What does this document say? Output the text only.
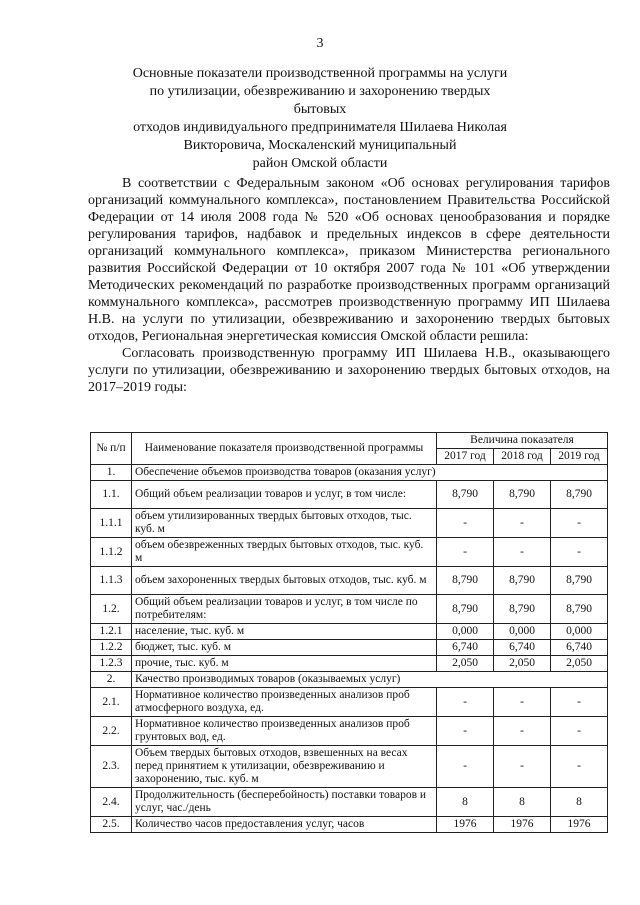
3
Основные показатели производственной программы на услуги
по утилизации, обезвреживанию и захоронению твердых бытовых
отходов индивидуального предпринимателя Шилаева Николая
Викторовича, Москаленский муниципальный
район Омской области

В соответствии с Федеральным законом «Об основах регулирования тарифов организаций коммунального комплекса», постановлением Правительства Российской Федерации от 14 июля 2008 года № 520 «Об основах ценообразования и порядке регулирования тарифов, надбавок и предельных индексов в сфере деятельности организаций коммунального комплекса», приказом Министерства регионального развития Российской Федерации от 10 октября 2007 года № 101 «Об утверждении Методических рекомендаций по разработке производственных программ организаций коммунального комплекса», рассмотрев производственную программу ИП Шилаева Н.В. на услуги по утилизации, обезвреживанию и захоронению твердых бытовых отходов, Региональная энергетическая комиссия Омской области решила:

Согласовать производственную программу ИП Шилаева Н.В., оказывающего услуги по утилизации, обезвреживанию и захоронению твердых бытовых отходов, на 2017–2019 годы:

№ п/п	Наименование показателя производственной программы	Величина показателя		
		2017 год	2018 год	2019 год
1.	Обеспечение объемов производства товаров (оказания услуг)			
1.1.	Общий объем реализации товаров и услуг, в том числе:	8,790	8,790	8,790
1.1.1	объем утилизированных твердых бытовых отходов, тыс. куб. м	-	-	-
1.1.2	объем обезвреженных твердых бытовых отходов, тыс. куб. м	-	-	-
1.1.3	объем захороненных твердых бытовых отходов, тыс. куб. м	8,790	8,790	8,790
1.2.	Общий объем реализации товаров и услуг, в том числе по потребителям:	8,790	8,790	8,790
1.2.1	население, тыс. куб. м	0,000	0,000	0,000
1.2.2	бюджет, тыс. куб. м	6,740	6,740	6,740
1.2.3	прочие, тыс. куб. м	2,050	2,050	2,050
2.	Качество производимых товаров (оказываемых услуг)			
2.1.	Нормативное количество произведенных анализов проб атмосферного воздуха, ед.	-	-	-
2.2.	Нормативное количество произведенных анализов проб грунтовых вод, ед.	-	-	-
2.3.	Объем твердых бытовых отходов, взвешенных на весах перед принятием к утилизации, обезвреживанию и захоронению, тыс. куб. м	-	-	-
2.4.	Продолжительность (бесперебойность) поставки товаров и услуг, час./день	8	8	8
2.5.	Количество часов предоставления услуг, часов	1976	1976	1976
